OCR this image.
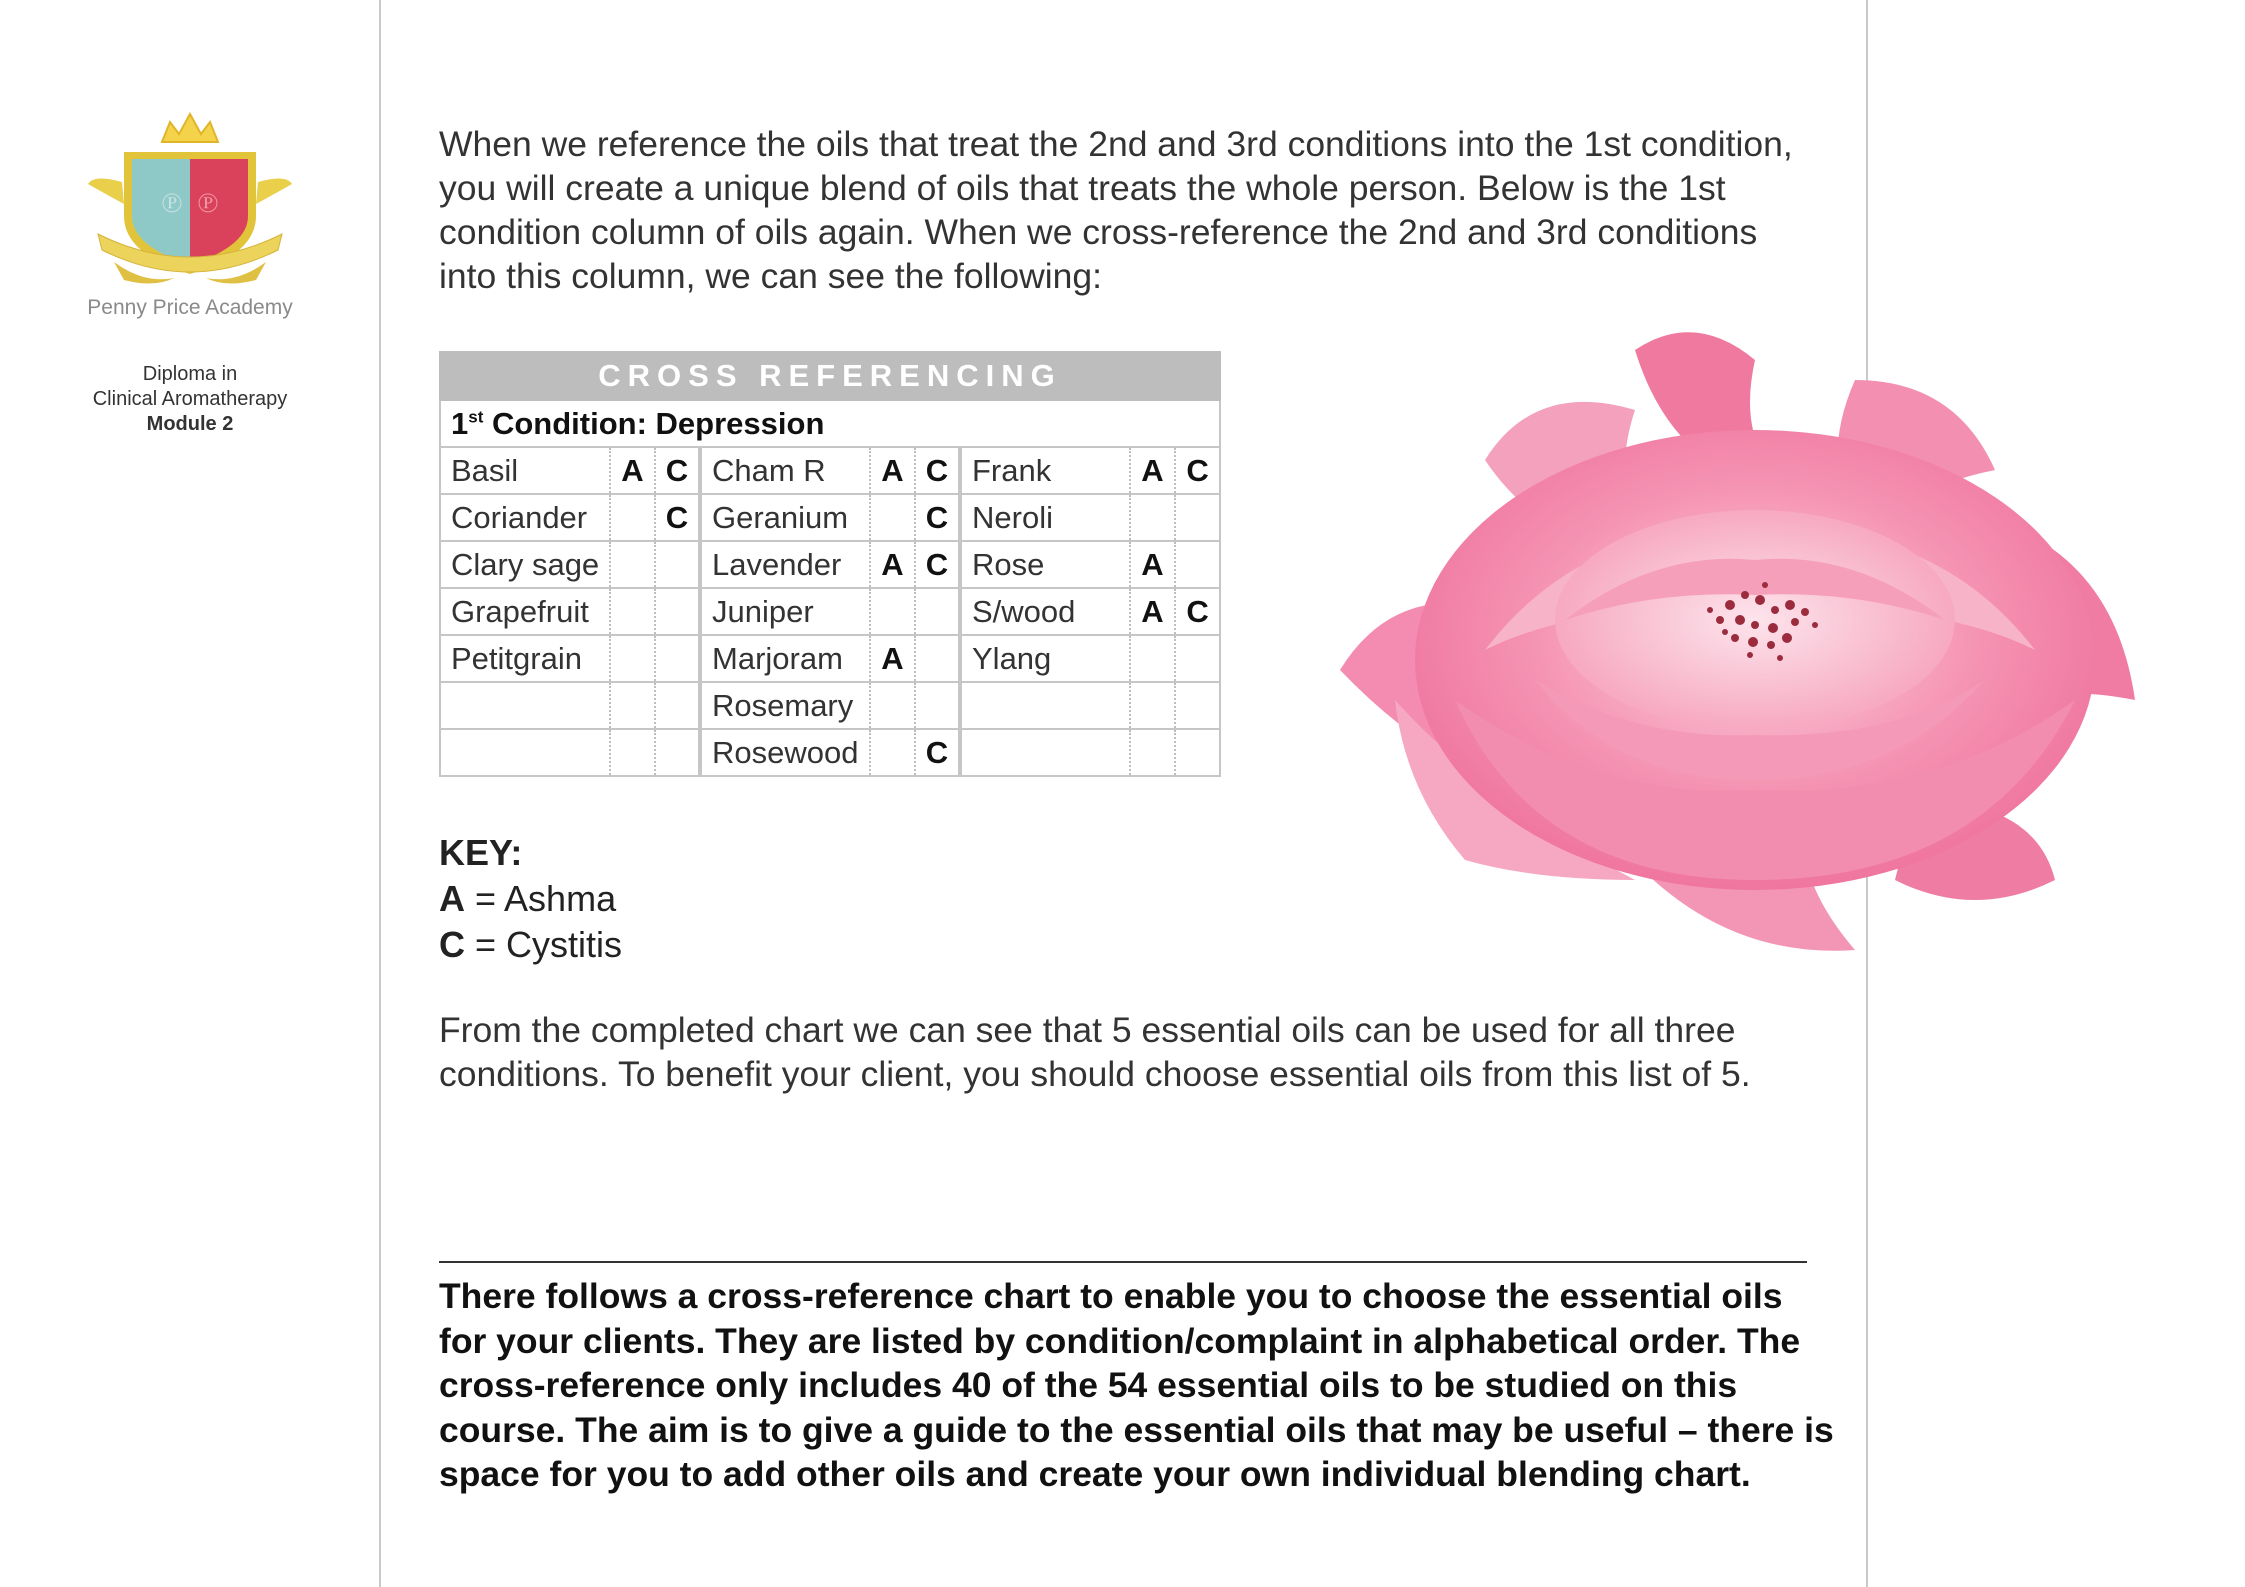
℗ ℗
Penny Price Academy
Diploma in
Clinical Aromatherapy
Module 2
When we reference the oils that treat the 2nd and 3rd conditions into the 1st condition, you will create a unique blend of oils that treats the whole person. Below is the 1st condition column of oils again. When we cross-reference the 2nd and 3rd conditions into this column, we can see the following:
CROSS REFERENCING								
1st Condition: Depression								
Basil	A	C	Cham R	A	C	Frank	A	C
Coriander		C	Geranium		C	Neroli		
Clary sage			Lavender	A	C	Rose	A	
Grapefruit			Juniper			S/wood	A	C
Petitgrain			Marjoram	A		Ylang		
			Rosemary					
			Rosewood		C			
KEY:
A = Ashma
C = Cystitis
From the completed chart we can see that 5 essential oils can be used for all three conditions. To benefit your client, you should choose essential oils from this list of 5.
There follows a cross-reference chart to enable you to choose the essential oils for your clients. They are listed by condition/complaint in alphabetical order. The cross-reference only includes 40 of the 54 essential oils to be studied on this course. The aim is to give a guide to the essential oils that may be useful – there is space for you to add other oils and create your own individual blending chart.
